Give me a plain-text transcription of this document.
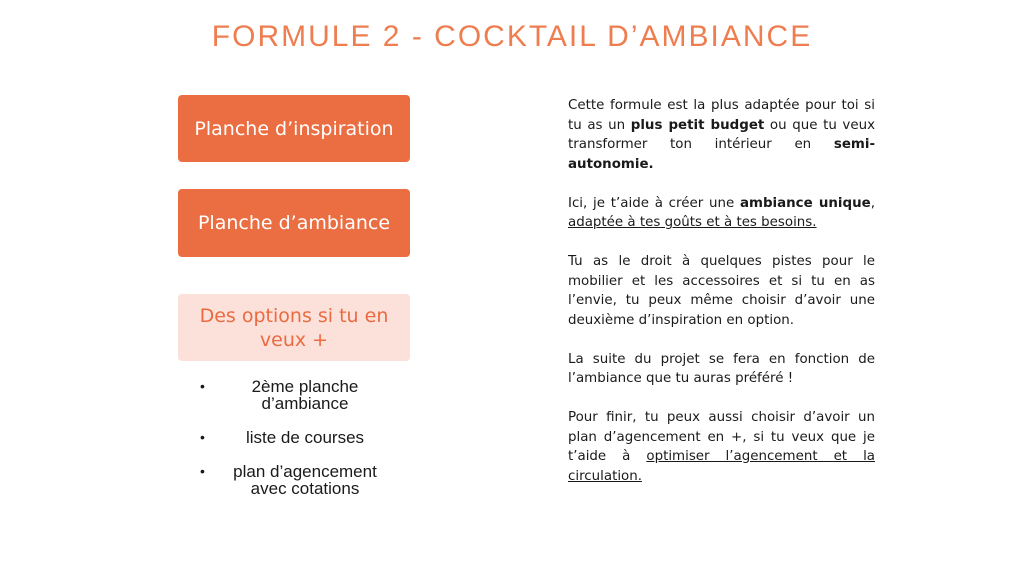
FORMULE 2 - COCKTAIL D’AMBIANCE
Planche d’inspiration
Planche d’ambiance
Des options si tu en veux +
•	2ème planche d’ambiance
• liste de courses
• plan d’agencement avec cotations

Cette formule est la plus adaptée pour toi si tu as un plus petit budget ou que tu veux transformer ton intérieur en semi-autonomie.

Ici, je t’aide à créer une ambiance unique, adaptée à tes goûts et à tes besoins.

Tu as le droit à quelques pistes pour le mobilier et les accessoires et si tu en as l’envie, tu peux même choisir d’avoir une deuxième d’inspiration en option.

La suite du projet se fera en fonction de l’ambiance que tu auras préféré !

Pour finir, tu peux aussi choisir d’avoir un plan d’agencement en +, si tu veux que je t’aide à optimiser l’agencement et la circulation.
